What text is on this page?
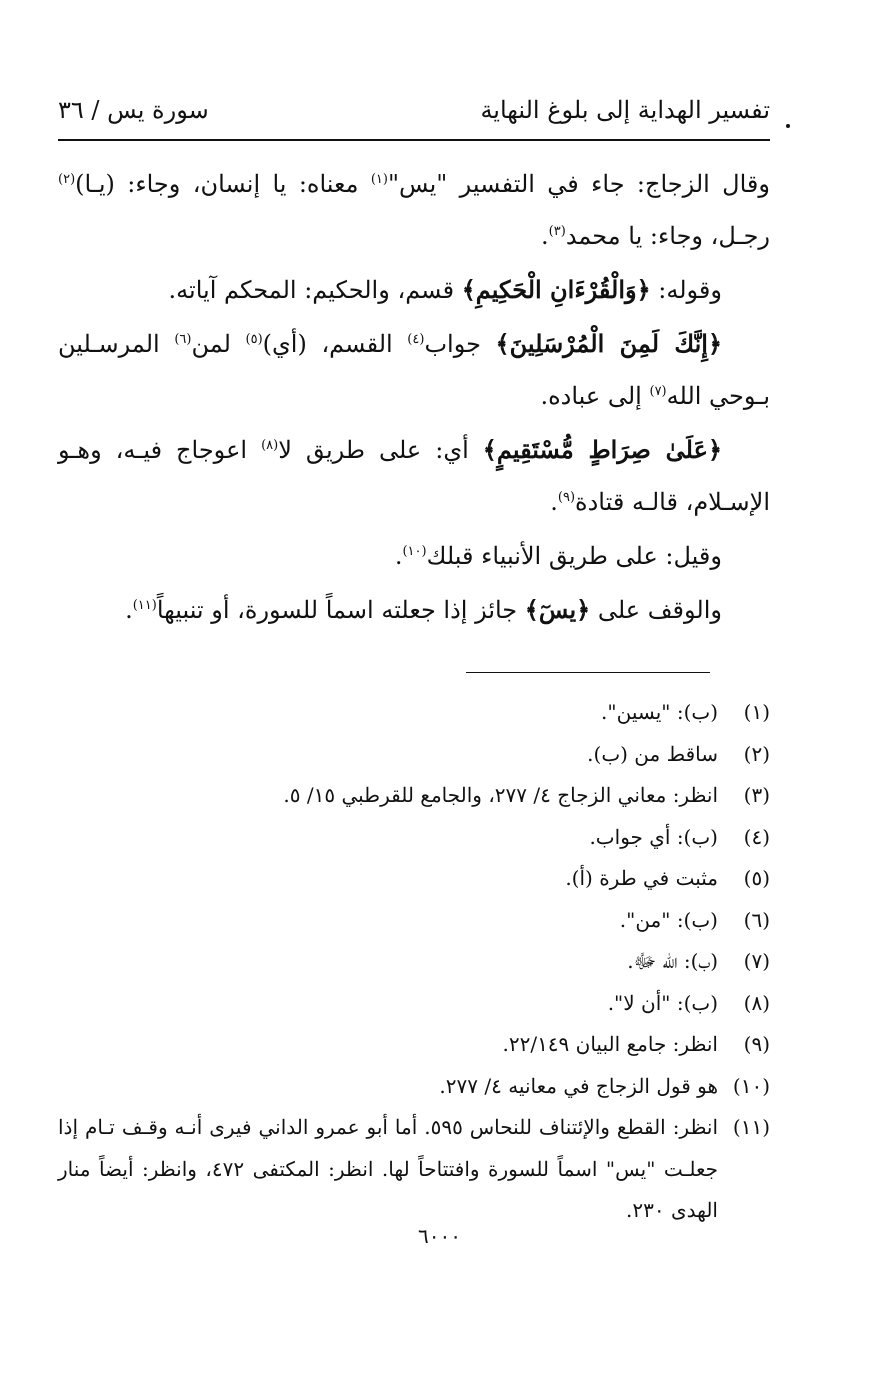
تفسير الهداية إلى بلوغ النهاية
سورة يس / ٣٦

وقال الزجاج: جاء في التفسير "يس"$^{(١)}$ معناه: يا إنسان، وجاء: (يـا)$^{(٢)}$ رجـل، وجاء: يا محمد$^{(٣)}$.

وقوله: ﴿وَالْقُرْءَانِ الْحَكِيمِ﴾ قسم، والحكيم: المحكم آياته.

﴿إِنَّكَ لَمِنَ الْمُرْسَلِينَ﴾ جواب$^{(٤)}$ القسم، (أي)$^{(٥)}$ لمن$^{(٦)}$ المرسـلين بـوحي الله$^{(٧)}$ إلى عباده.

﴿عَلَىٰ صِرَاطٍ مُّسْتَقِيمٍ﴾ أي: على طريق لا$^{(٨)}$ اعوجاج فيـه، وهـو الإسـلام، قالـه قتادة$^{(٩)}$.

وقيل: على طريق الأنبياء قبلك$^{(١٠)}$.

والوقف على ﴿يسٓ﴾ جائز إذا جعلته اسماً للسورة، أو تنبيهاً$^{(١١)}$.

(١)
(ب): "يسين".
(٢)
ساقط من (ب).
(٣)
انظر: معاني الزجاج ٤/ ٢٧٧، والجامع للقرطبي ١٥/ ٥.
(٤)
(ب): أي جواب.
(٥)
مثبت في طرة (أ).
(٦)
(ب): "من".
(٧)
(ب): الله ﷻ.
(٨)
(ب): "أن لا".
(٩)
انظر: جامع البيان ٢٢/١٤٩.
(١٠)
هو قول الزجاج في معانيه ٤/ ٢٧٧.
(١١)
انظر: القطع والإئتناف للنحاس ٥٩٥. أما أبو عمرو الداني فيرى أنـه وقـف تـام إذا جعلـت "يس" اسماً للسورة وافتتاحاً لها. انظر: المكتفى ٤٧٢، وانظر: أيضاً منار الهدى ٢٣٠.
٦٠٠٠
